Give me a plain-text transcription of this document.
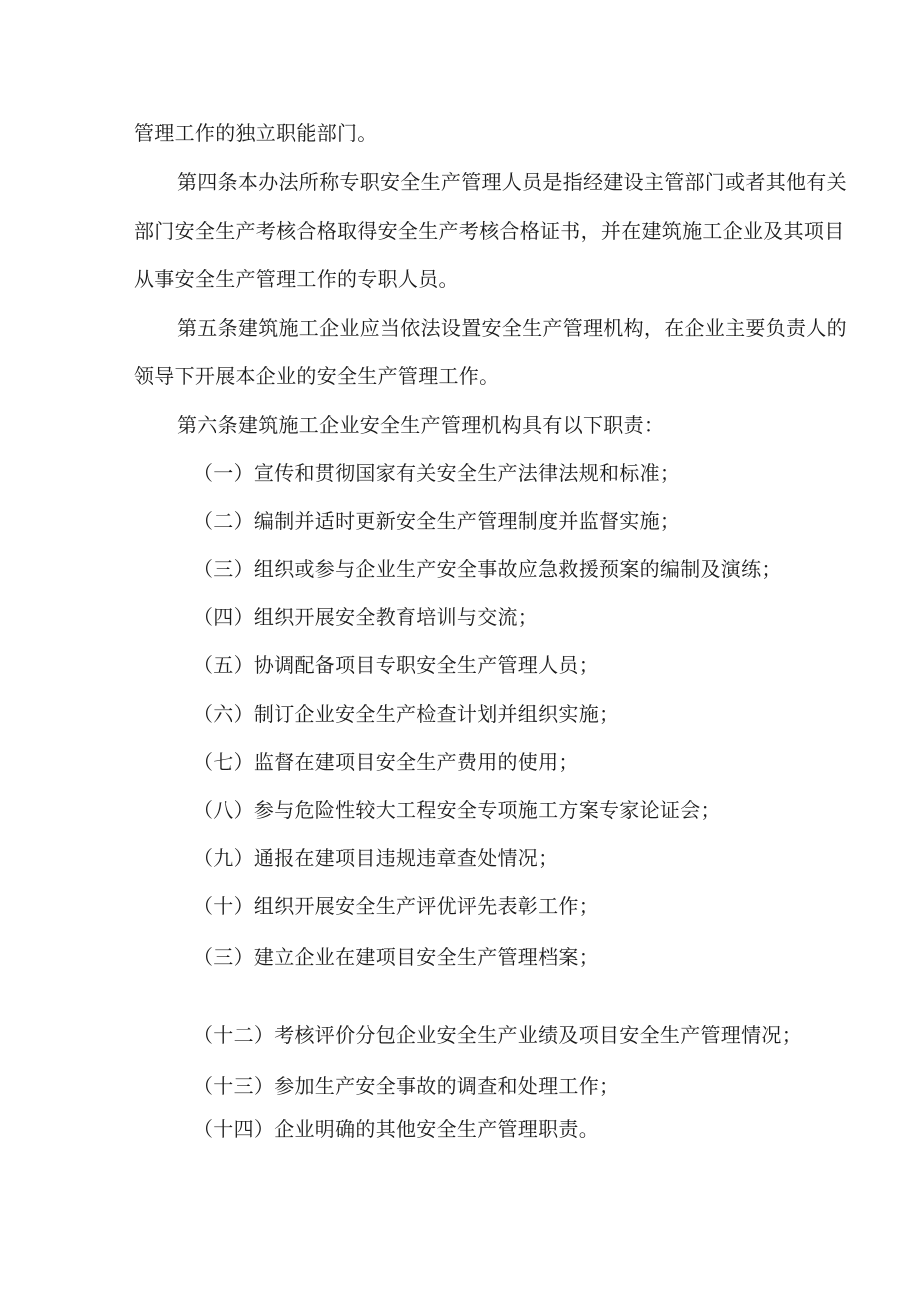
管理工作的独立职能部门。
第四条本办法所称专职安全生产管理人员是指经建设主管部门或者其他有关
部门安全生产考核合格取得安全生产考核合格证书，并在建筑施工企业及其项目
从事安全生产管理工作的专职人员。
第五条建筑施工企业应当依法设置安全生产管理机构，在企业主要负责人的
领导下开展本企业的安全生产管理工作。
第六条建筑施工企业安全生产管理机构具有以下职责：
（一）宣传和贯彻国家有关安全生产法律法规和标准；
（二）编制并适时更新安全生产管理制度并监督实施；
（三）组织或参与企业生产安全事故应急救援预案的编制及演练；
（四）组织开展安全教育培训与交流；
（五）协调配备项目专职安全生产管理人员；
（六）制订企业安全生产检查计划并组织实施；
（七）监督在建项目安全生产费用的使用；
（八）参与危险性较大工程安全专项施工方案专家论证会；
（九）通报在建项目违规违章查处情况；
（十）组织开展安全生产评优评先表彰工作；
（三）建立企业在建项目安全生产管理档案；
（十二）考核评价分包企业安全生产业绩及项目安全生产管理情况；
（十三）参加生产安全事故的调查和处理工作；
（十四）企业明确的其他安全生产管理职责。
